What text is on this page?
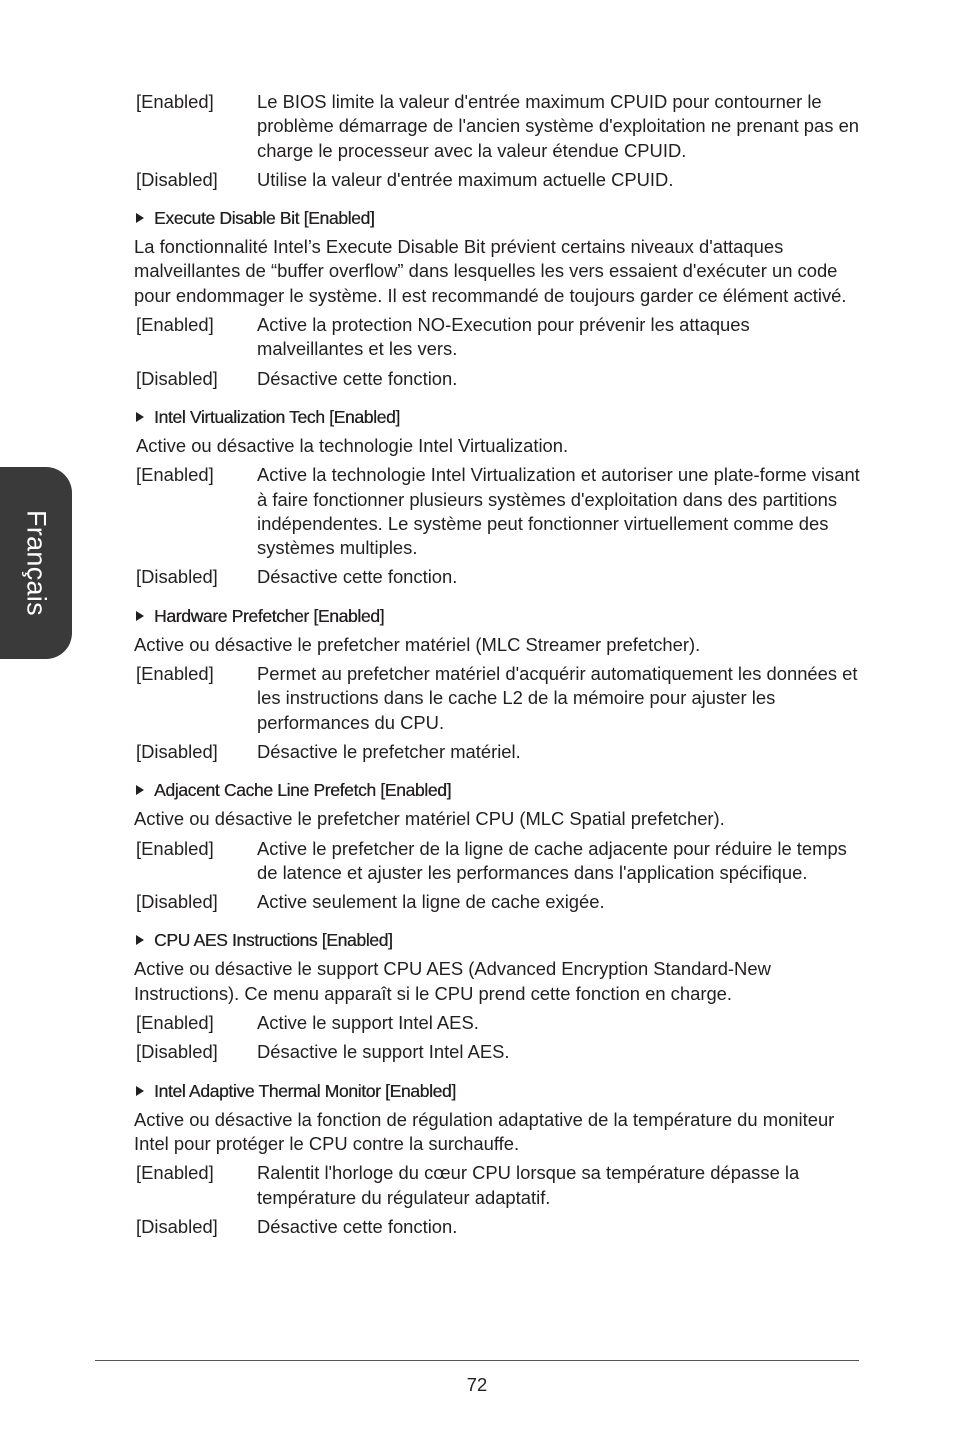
Français
[Enabled]	Le BIOS limite la valeur d'entrée maximum CPUID pour contourner le problème démarrage de l'ancien système d'exploitation ne prenant pas en charge le processeur avec la valeur étendue CPUID.
[Disabled]	Utilise la valeur d'entrée maximum actuelle CPUID.
Execute Disable Bit [Enabled]
La fonctionnalité Intel’s Execute Disable Bit prévient certains niveaux d'attaques malveillantes de “buffer overflow” dans lesquelles les vers essaient d'exécuter un code pour endommager le système. Il est recommandé de toujours garder ce élément activé.
[Enabled]	Active la protection NO-Execution pour prévenir les attaques malveillantes et les vers.
[Disabled]	Désactive cette fonction.
Intel Virtualization Tech [Enabled]
Active ou désactive la technologie Intel Virtualization.
[Enabled]	Active la technologie Intel Virtualization et autoriser une plate-forme visant à faire fonctionner plusieurs systèmes d'exploitation dans des partitions indépendentes. Le système peut fonctionner virtuellement comme des systèmes multiples.
[Disabled]	Désactive cette fonction.
Hardware Prefetcher [Enabled]
Active ou désactive le prefetcher matériel (MLC Streamer prefetcher).
[Enabled]	Permet au prefetcher matériel d'acquérir automatiquement les données et les instructions dans le cache L2 de la mémoire pour ajuster les performances du CPU.
[Disabled]	Désactive le prefetcher matériel.
Adjacent Cache Line Prefetch [Enabled]
Active ou désactive le prefetcher matériel CPU (MLC Spatial prefetcher).
[Enabled]	Active le prefetcher de la ligne de cache adjacente pour réduire le temps de latence et ajuster les performances dans l'application spécifique.
[Disabled]	Active seulement la ligne de cache exigée.
CPU AES Instructions [Enabled]
Active ou désactive le support CPU AES (Advanced Encryption Standard-New Instructions). Ce menu apparaît si le CPU prend cette fonction en charge.
[Enabled]	Active le support Intel AES.
[Disabled]	Désactive le support Intel AES.
Intel Adaptive Thermal Monitor [Enabled]
Active ou désactive la fonction de régulation adaptative de la température du moniteur Intel pour protéger le CPU contre la surchauffe.
[Enabled]	Ralentit l'horloge du cœur CPU lorsque sa température dépasse la température du régulateur adaptatif.
[Disabled]	Désactive cette fonction.
72
